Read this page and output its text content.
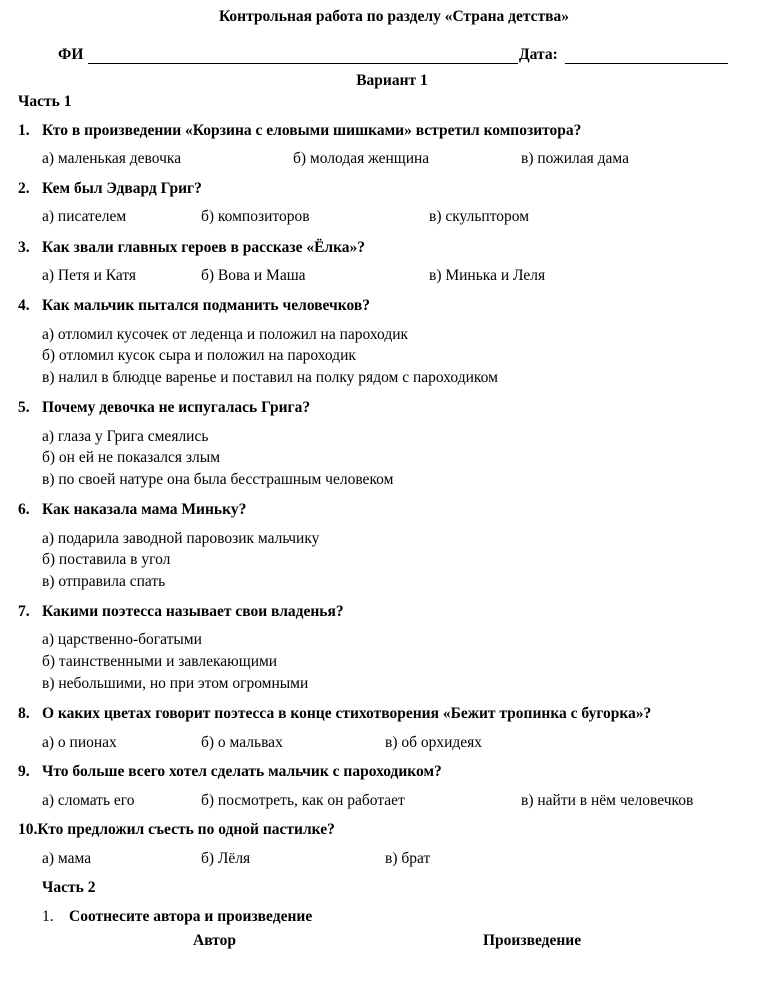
Контрольная работа по разделу «Страна детства»
ФИ	Дата:
Вариант 1
Часть 1
1. Кто в произведении «Корзина с еловыми шишками» встретил композитора?
а) маленькая девочка	б) молодая женщина	в) пожилая дама
2. Кем был Эдвард Григ?
а) писателем	б) композиторов	в) скульптором
3. Как звали главных героев в рассказе «Ёлка»?
а) Петя и Катя	б) Вова и Маша	в) Минька и Леля
4. Как мальчик пытался подманить человечков?
а) отломил кусочек от леденца и положил на пароходик
б) отломил кусок сыра и положил на пароходик
в) налил в блюдце варенье и поставил на полку рядом с пароходиком
5. Почему девочка не испугалась Грига?
а) глаза у Грига смеялись
б) он ей не показался злым
в) по своей натуре она была бесстрашным человеком
6. Как наказала мама Миньку?
а) подарила заводной паровозик мальчику
б) поставила в угол
в) отправила спать
7. Какими поэтесса называет свои владенья?
а) царственно-богатыми
б) таинственными и завлекающими
в) небольшими, но при этом огромными
8. О каких цветах говорит поэтесса в конце стихотворения «Бежит тропинка с бугорка»?
а) о пионах	б) о мальвах	в) об орхидеях
9. Что больше всего хотел сделать мальчик с пароходиком?
а) сломать его	б) посмотреть, как он работает	в) найти в нём человечков
10.Кто предложил съесть по одной пастилке?
а) мама	б) Лёля	в) брат
Часть 2
1. Соотнесите автора и произведение
Автор	Произведение
